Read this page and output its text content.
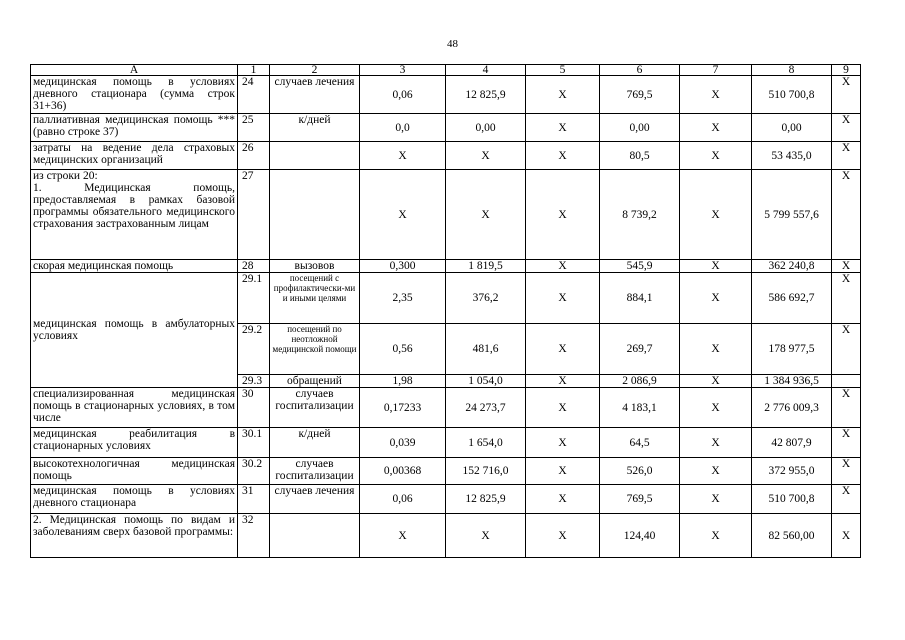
48
A	1	2	3	4	5	6	7	8	9
медицинская помощь в условиях дневного стационара (сумма строк 31+36)	24	случаев лечения	0,06	12 825,9	X	769,5	X	510 700,8	X
паллиативная медицинская помощь *** (равно строке 37)	25	к/дней	0,0	0,00	X	0,00	X	0,00	X
затраты на ведение дела страховых медицинских организаций	26		X	X	X	80,5	X	53 435,0	X

из строки 20:
1. Медицинская помощь, предоставляемая в рамках базовой программы обязательного медицинского страхования застрахованным лицам	27		X	X	X	8 739,2	X	5 799 557,6	X
скорая медицинская помощь	28	вызовов	0,300	1 819,5	X	545,9	X	362 240,8	X
медицинская помощь в амбулаторных условиях	29.1	посещений с профилактически-ми и иными целями	2,35	376,2	X	884,1	X	586 692,7	X
	29.2	посещений по неотложной медицинской помощи	0,56	481,6	X	269,7	X	178 977,5	X
	29.3	обращений	1,98	1 054,0	X	2 086,9	X	1 384 936,5	
специализированная медицинская помощь в стационарных условиях, в том числе	30	случаев госпитализации	0,17233	24 273,7	X	4 183,1	X	2 776 009,3	X
медицинская реабилитация в стационарных условиях	30.1	к/дней	0,039	1 654,0	X	64,5	X	42 807,9	X
высокотехнологичная медицинская помощь	30.2	случаев госпитализации	0,00368	152 716,0	X	526,0	X	372 955,0	X
медицинская помощь в условиях дневного стационара	31	случаев лечения	0,06	12 825,9	X	769,5	X	510 700,8	X
2. Медицинская помощь по видам и заболеваниям сверх базовой программы:	32		X	X	X	124,40	X	82 560,00	X
